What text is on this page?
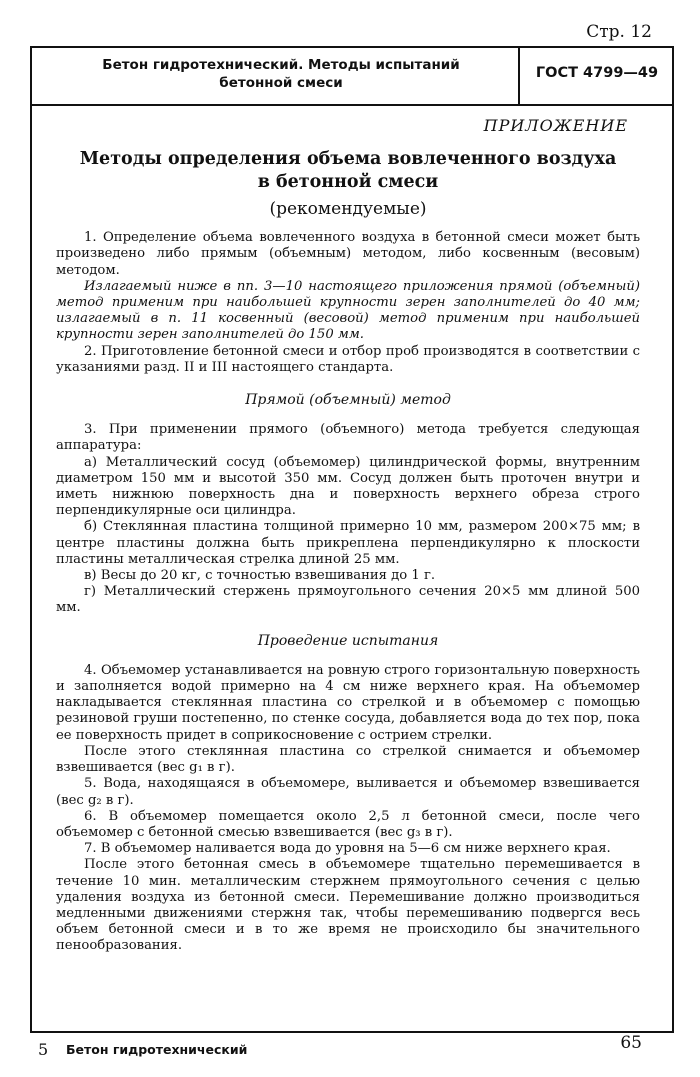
Стр. 12
Бетон гидротехнический. Методы испытаний
бетонной смеси
ГОСТ 4799—49
ПРИЛОЖЕНИЕ
Методы определения объема вовлеченного воздуха
в бетонной смеси
(рекомендуемые)

1. Определение объема вовлеченного воздуха в бетонной смеси может быть произведено либо прямым (объемным) методом, либо косвенным (весовым) методом.

Излагаемый ниже в пп. 3—10 настоящего приложения прямой (объемный) метод применим при наибольшей крупности зерен заполнителей до 40 мм; излагаемый в п. 11 косвенный (весовой) метод применим при наибольшей крупности зерен заполнителей до 150 мм.

2. Приготовление бетонной смеси и отбор проб производятся в соответствии с указаниями разд. II и III настоящего стандарта.

Прямой (объемный) метод

3. При применении прямого (объемного) метода требуется следующая аппаратура:

а) Металлический сосуд (объемомер) цилиндрической формы, внутренним диаметром 150 мм и высотой 350 мм. Сосуд должен быть проточен внутри и иметь нижнюю поверхность дна и поверхность верхнего обреза строго перпендикулярные оси цилиндра.

б) Стеклянная пластина толщиной примерно 10 мм, размером 200×75 мм; в центре пластины должна быть прикреплена перпендикулярно к плоскости пластины металлическая стрелка длиной 25 мм.

в) Весы до 20 кг, с точностью взвешивания до 1 г.

г) Металлический стержень прямоугольного сечения 20×5 мм длиной 500 мм.

Проведение испытания

4. Объемомер устанавливается на ровную строго горизонтальную поверхность и заполняется водой примерно на 4 см ниже верхнего края. На объемомер накладывается стеклянная пластина со стрелкой и в объемомер с помощью резиновой груши постепенно, по стенке сосуда, добавляется вода до тех пор, пока ее поверхность придет в соприкосновение с острием стрелки.

После этого стеклянная пластина со стрелкой снимается и объемомер взвешивается (вес g₁ в г).

5. Вода, находящаяся в объемомере, выливается и объемомер взвешивается (вес g₂ в г).

6. В объемомер помещается около 2,5 л бетонной смеси, после чего объемомер с бетонной смесью взвешивается (вес g₃ в г).

7. В объемомер наливается вода до уровня на 5—6 см ниже верхнего края.

После этого бетонная смесь в объемомере тщательно перемешивается в течение 10 мин. металлическим стержнем прямоугольного сечения с целью удаления воздуха из бетонной смеси. Перемешивание должно производиться медленными движениями стержня так, чтобы перемешиванию подвергся весь объем бетонной смеси и в то же время не происходило бы значительного пенообразования.

5 Бетон гидротехнический	65
